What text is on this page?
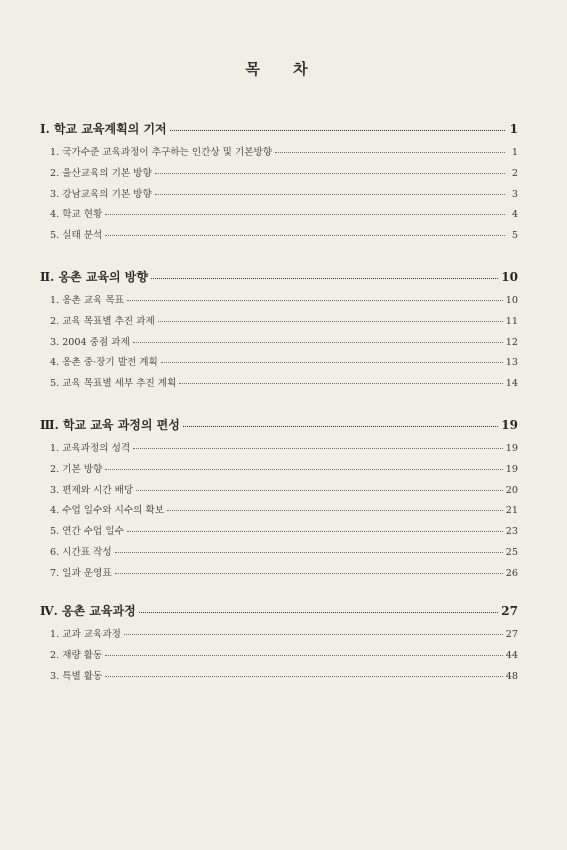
목 차
Ⅰ. 학교 교육계획의 기저	1
1. 국가수준 교육과정이 추구하는 인간상 및 기본방향	1
2. 울산교육의 기본 방향	2
3. 강남교육의 기본 방향	3
4. 학교 현황	4
5. 실태 분석	5
Ⅱ. 옹촌 교육의 방향	10
1. 옹촌 교육 목표	10
2. 교육 목표별 추진 과제	11
3. 2004 중점 과제	12
4. 옹촌 중·장기 발전 계획	13
5. 교육 목표별 세부 추진 계획	14
Ⅲ. 학교 교육 과정의 편성	19
1. 교육과정의 성격	19
2. 기본 방향	19
3. 편제와 시간 배당	20
4. 수업 일수와 시수의 확보	21
5. 연간 수업 일수	23
6. 시간표 작성	25
7. 일과 운영표	26
Ⅳ. 옹촌 교육과정	27
1. 교과 교육과정	27
2. 재량 활동	44
3. 특별 활동	48
